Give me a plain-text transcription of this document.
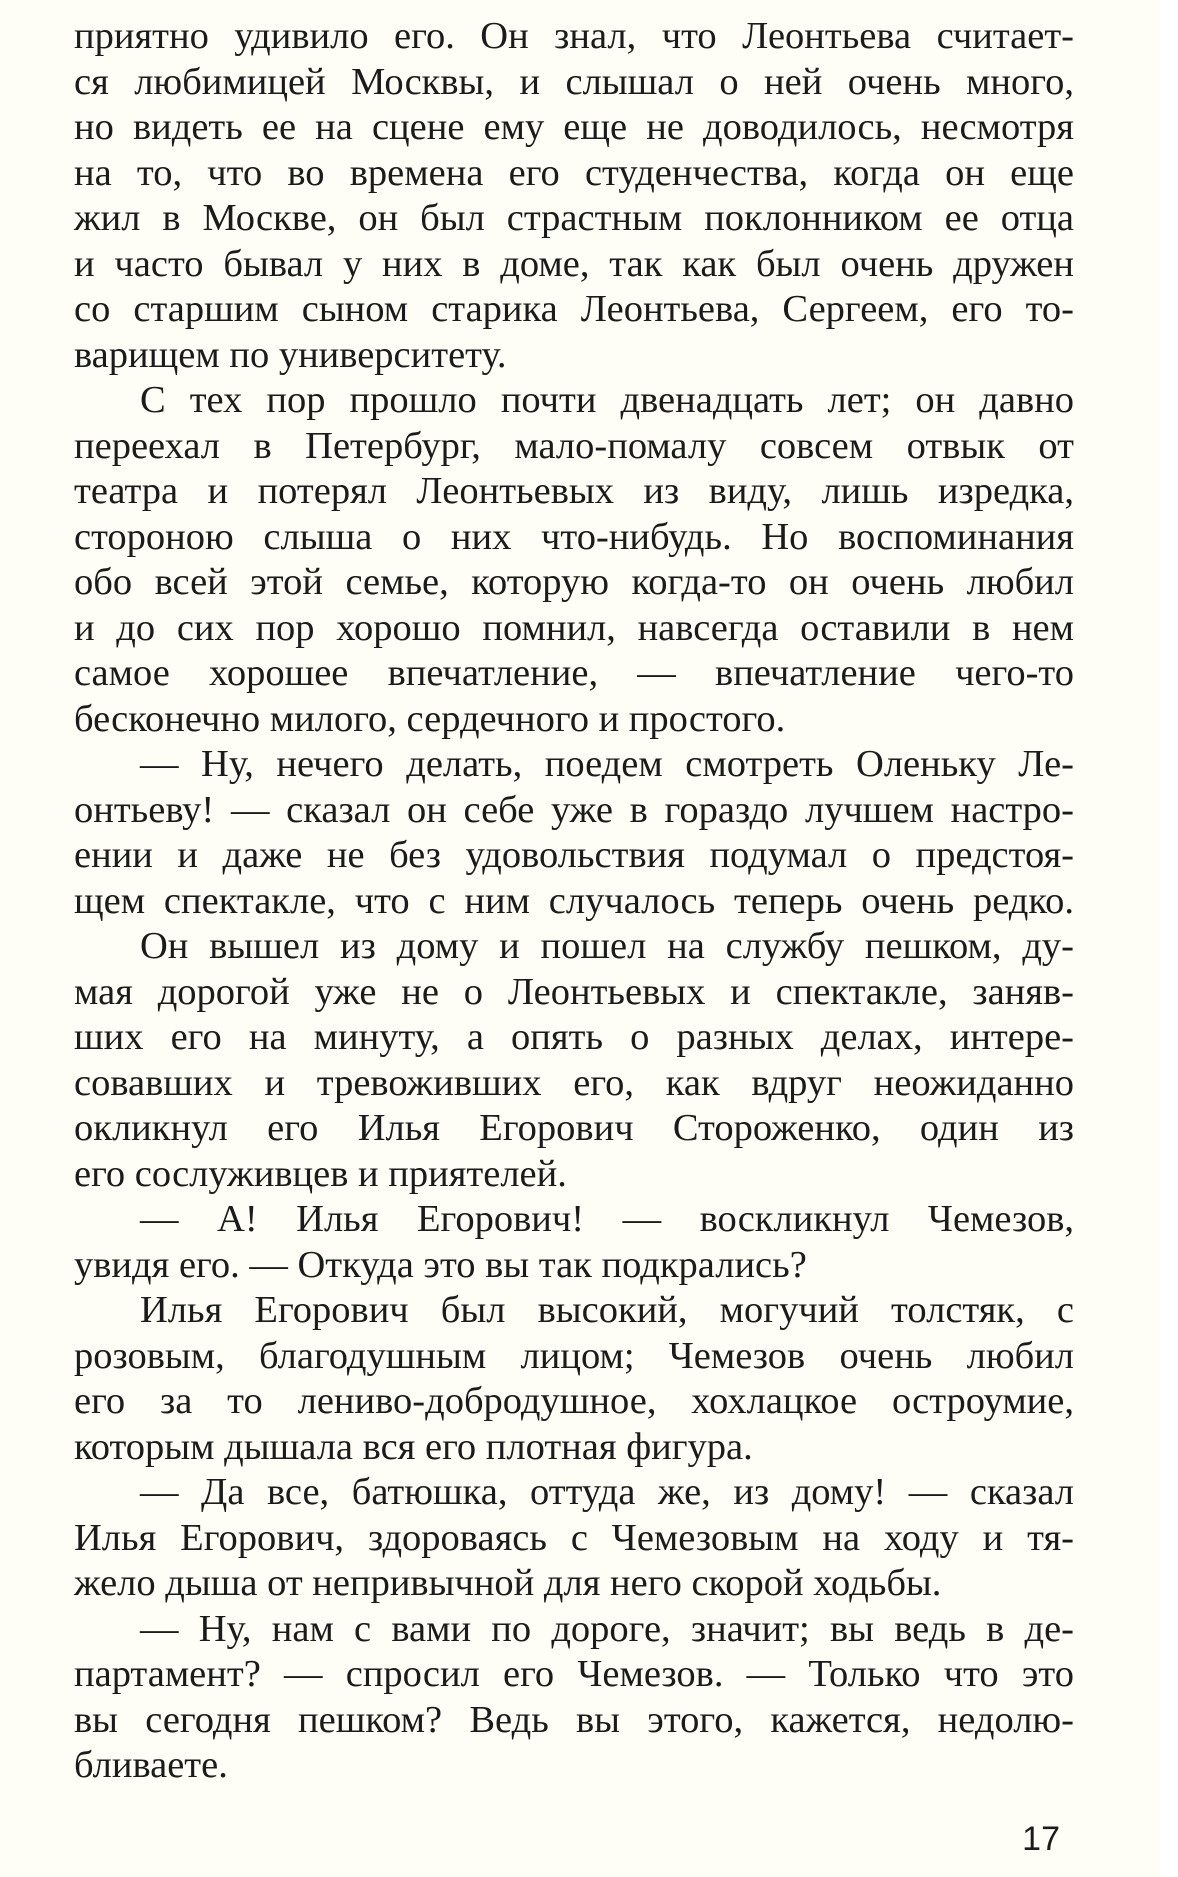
приятно удивило его. Он знал, что Леонтьева считает-
ся любимицей Москвы, и слышал о ней очень много,
но видеть ее на сцене ему еще не доводилось, несмотря
на то, что во времена его студенчества, когда он еще
жил в Москве, он был страстным поклонником ее отца
и часто бывал у них в доме, так как был очень дружен
со старшим сыном старика Леонтьева, Сергеем, его то-
варищем по университету.
С тех пор прошло почти двенадцать лет; он давно
переехал в Петербург, мало-помалу совсем отвык от
театра и потерял Леонтьевых из виду, лишь изредка,
стороною слыша о них что-нибудь. Но воспоминания
обо всей этой семье, которую когда-то он очень любил
и до сих пор хорошо помнил, навсегда оставили в нем
самое хорошее впечатление, — впечатление чего-то
бесконечно милого, сердечного и простого.
— Ну, нечего делать, поедем смотреть Оленьку Ле-
онтьеву! — сказал он себе уже в гораздо лучшем настро-
ении и даже не без удовольствия подумал о предстоя-
щем спектакле, что с ним случалось теперь очень редко.
Он вышел из дому и пошел на службу пешком, ду-
мая дорогой уже не о Леонтьевых и спектакле, заняв-
ших его на минуту, а опять о разных делах, интере-
совавших и тревоживших его, как вдруг неожиданно
окликнул его Илья Егорович Стороженко, один из
его сослуживцев и приятелей.
— А! Илья Егорович! — воскликнул Чемезов,
увидя его. — Откуда это вы так подкрались?
Илья Егорович был высокий, могучий толстяк, с
розовым, благодушным лицом; Чемезов очень любил
его за то лениво-добродушное, хохлацкое остроумие,
которым дышала вся его плотная фигура.
— Да все, батюшка, оттуда же, из дому! — сказал
Илья Егорович, здороваясь с Чемезовым на ходу и тя-
жело дыша от непривычной для него скорой ходьбы.
— Ну, нам с вами по дороге, значит; вы ведь в де-
партамент? — спросил его Чемезов. — Только что это
вы сегодня пешком? Ведь вы этого, кажется, недолю-
бливаете.
17
